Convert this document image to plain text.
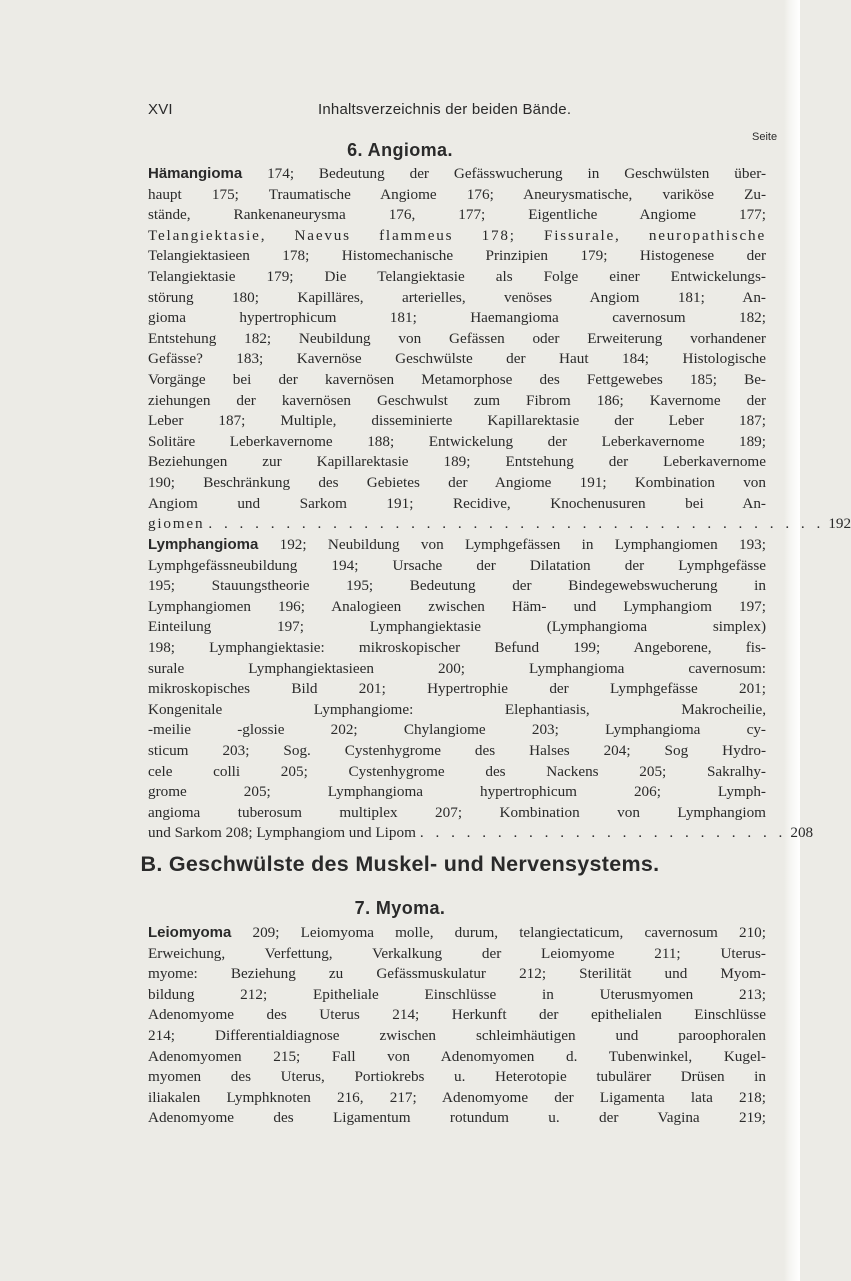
XVI	Inhaltsverzeichnis der beiden Bände.
Seite
6. Angioma.
Hämangioma 174; Bedeutung der Gefässwucherung in Geschwülsten über-
haupt 175; Traumatische Angiome 176; Aneurysmatische, variköse Zu-
stände, Rankenaneurysma 176, 177; Eigentliche Angiome 177;
Telangiektasie, Naevus flammeus 178; Fissurale, neuropathische
Telangiektasieen 178; Histomechanische Prinzipien 179; Histogenese der
Telangiektasie 179; Die Telangiektasie als Folge einer Entwickelungs-
störung 180; Kapilläres, arterielles, venöses Angiom 181; An-
gioma hypertrophicum 181; Haemangioma cavernosum 182;
Entstehung 182; Neubildung von Gefässen oder Erweiterung vorhandener
Gefässe? 183; Kavernöse Geschwülste der Haut 184; Histologische
Vorgänge bei der kavernösen Metamorphose des Fettgewebes 185; Be-
ziehungen der kavernösen Geschwulst zum Fibrom 186; Kavernome der
Leber 187; Multiple, disseminierte Kapillarektasie der Leber 187;
Solitäre Leberkavernome 188; Entwickelung der Leberkavernome 189;
Beziehungen zur Kapillarektasie 189; Entstehung der Leberkavernome
190; Beschränkung des Gebietes der Angiome 191; Kombination von
Angiom und Sarkom 191; Recidive, Knochenusuren bei An-
giomen . . . . . . . . . . . . . . . . . . . . . . . . . . . . . . . . . . . . . . . . 192
Lymphangioma 192; Neubildung von Lymphgefässen in Lymphangiomen 193;
Lymphgefässneubildung 194; Ursache der Dilatation der Lymphgefässe
195; Stauungstheorie 195; Bedeutung der Bindegewebswucherung in
Lymphangiomen 196; Analogieen zwischen Häm- und Lymphangiom 197;
Einteilung 197; Lymphangiektasie (Lymphangioma simplex)
198; Lymphangiektasie: mikroskopischer Befund 199; Angeborene, fis-
surale Lymphangiektasieen 200; Lymphangioma cavernosum:
mikroskopisches Bild 201; Hypertrophie der Lymphgefässe 201;
Kongenitale Lymphangiome: Elephantiasis, Makrocheilie,
-meilie -glossie 202; Chylangiome 203; Lymphangioma cy-
sticum 203; Sog. Cystenhygrome des Halses 204; Sog Hydro-
cele colli 205; Cystenhygrome des Nackens 205; Sakralhy-
grome 205; Lymphangioma hypertrophicum 206; Lymph-
angioma tuberosum multiplex 207; Kombination von Lymphangiom
und Sarkom 208; Lymphangiom und Lipom . . . . . . . . . . . . . . . . . . . . . . . . 208
B. Geschwülste des Muskel- und Nervensystems.
7. Myoma.
Leiomyoma 209; Leiomyoma molle, durum, telangiectaticum, cavernosum 210;
Erweichung, Verfettung, Verkalkung der Leiomyome 211; Uterus-
myome: Beziehung zu Gefässmuskulatur 212; Sterilität und Myom-
bildung 212; Epitheliale Einschlüsse in Uterusmyomen 213;
Adenomyome des Uterus 214; Herkunft der epithelialen Einschlüsse
214; Differentialdiagnose zwischen schleimhäutigen und paroophoralen
Adenomyomen 215; Fall von Adenomyomen d. Tubenwinkel, Kugel-
myomen des Uterus, Portiokrebs u. Heterotopie tubulärer Drüsen in
iliakalen Lymphknoten 216, 217; Adenomyome der Ligamenta lata 218;
Adenomyome des Ligamentum rotundum u. der Vagina 219;
